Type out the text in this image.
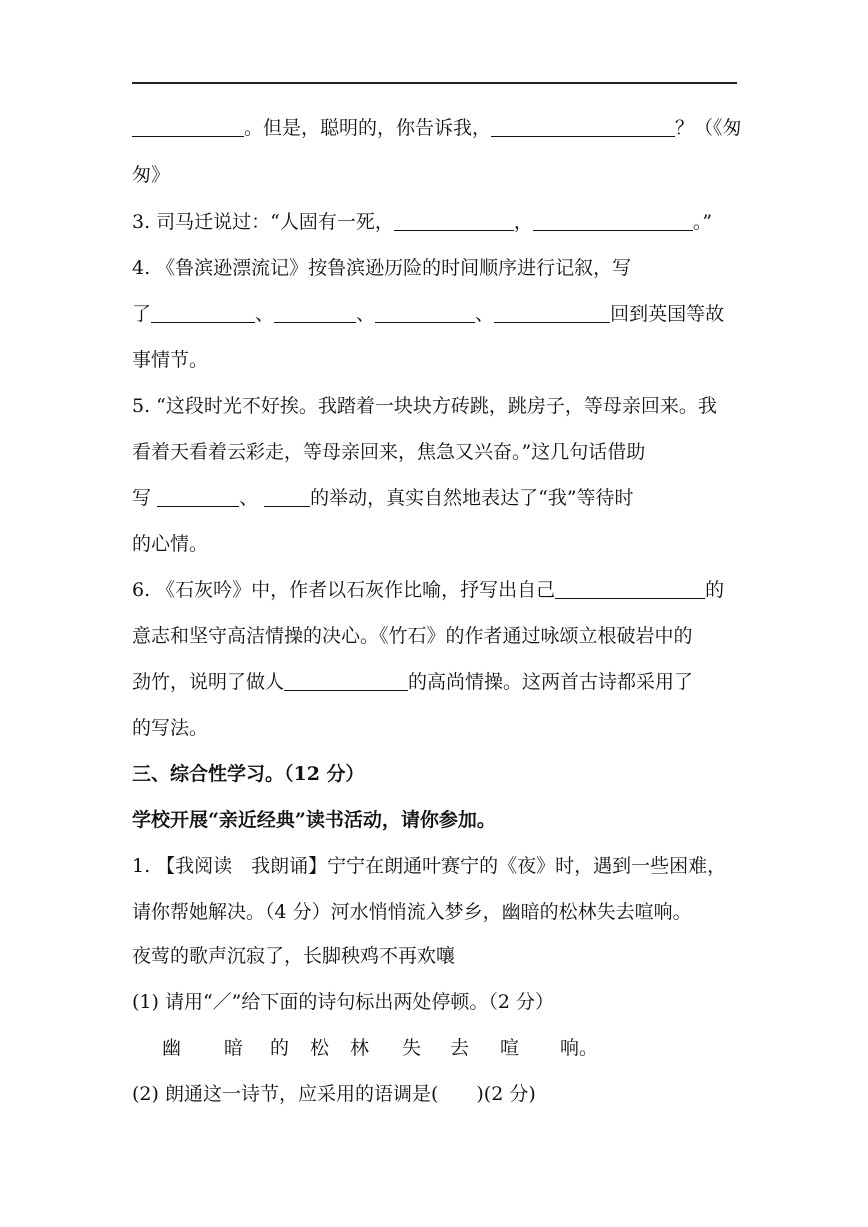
。但是，聪明的，你告诉我，	？（《匆
匆》
3. 司马迁说过：“人固有一死，	，	。”
4. 《鲁滨逊漂流记》按鲁滨逊历险的时间顺序进行记叙，写
了	、	、	、	回到英国等故
事情节。
5. “这段时光不好挨。我踏着一块块方砖跳，跳房子，等母亲回来。我
看着天看着云彩走，等母亲回来，焦急又兴奋。”这几句话借助
写	、	的举动，真实自然地表达了“我”等待时
的心情。
6. 《石灰吟》中，作者以石灰作比喻，抒写出自己	的
意志和坚守高洁情操的决心。《竹石》的作者通过咏颂立根破岩中的
劲竹，说明了做人	的高尚情操。这两首古诗都采用了
的写法。
三、综合性学习。（12 分）
学校开展“亲近经典”读书活动，请你参加。
1. 【我阅读　我朗诵】宁宁在朗通叶赛宁的《夜》时，遇到一些困难，
请你帮她解决。（4 分）河水悄悄流入梦乡，幽暗的松林失去喧响。
夜莺的歌声沉寂了，长脚秧鸡不再欢嚷
(1) 请用“／”给下面的诗句标出两处停顿。（2 分）
幽 暗 的 松 林 失 去 喧 响。
(2) 朗通这一诗节，应采用的语调是(　　)(2 分)
